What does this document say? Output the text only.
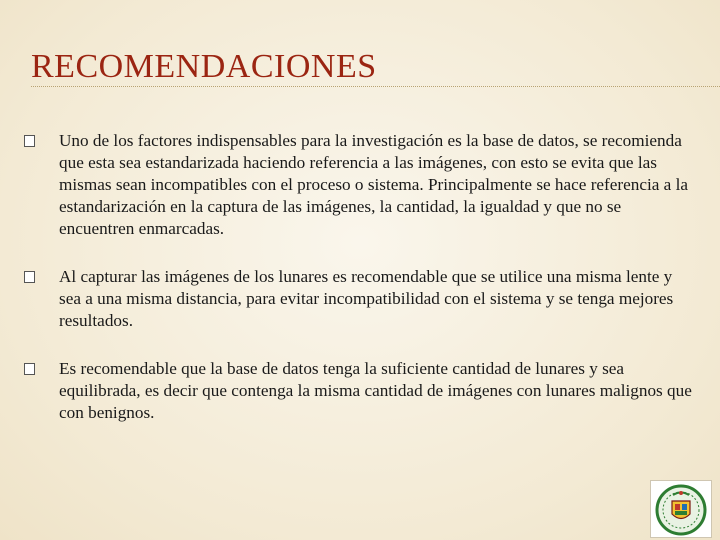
RECOMENDACIONES
Uno de los factores indispensables para la investigación es la base de datos, se recomienda que esta sea estandarizada haciendo referencia a las imágenes, con esto se evita que las mismas sean incompatibles con el proceso o sistema. Principalmente se hace referencia a la estandarización en la captura de las imágenes, la cantidad, la igualdad y que no se encuentren enmarcadas.
Al capturar las imágenes de los lunares es recomendable que se utilice una misma lente y sea a una misma distancia, para evitar incompatibilidad con el sistema y se tenga mejores resultados.
Es recomendable que la base de datos tenga la suficiente cantidad de lunares y sea equilibrada, es decir que contenga la misma cantidad de imágenes con lunares malignos que con benignos.
